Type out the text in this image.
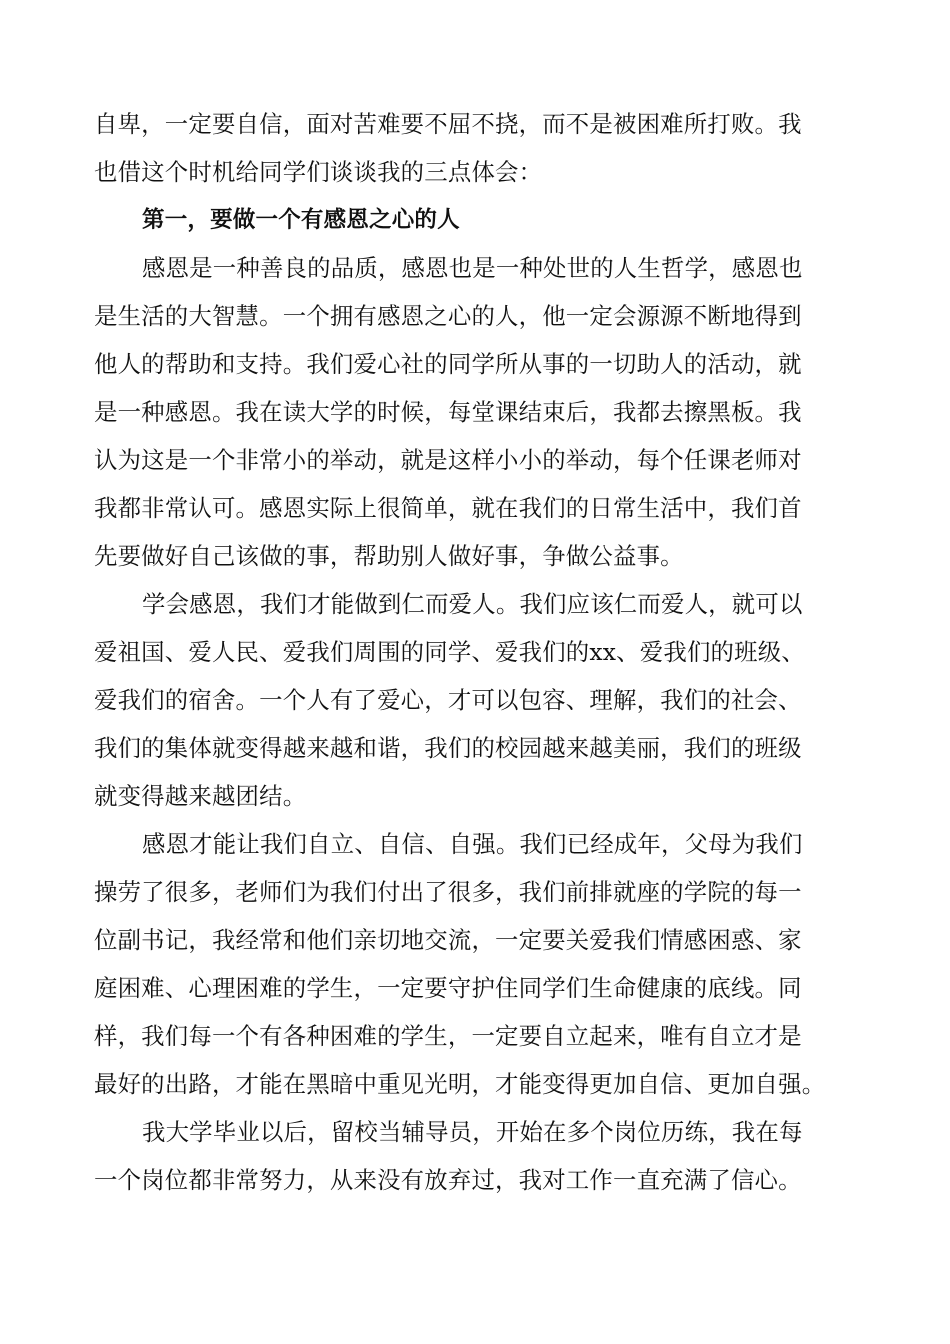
自卑，一定要自信，面对苦难要不屈不挠，而不是被困难所打败。我
也借这个时机给同学们谈谈我的三点体会：
第一，要做一个有感恩之心的人
感恩是一种善良的品质，感恩也是一种处世的人生哲学，感恩也
是生活的大智慧。一个拥有感恩之心的人，他一定会源源不断地得到
他人的帮助和支持。我们爱心社的同学所从事的一切助人的活动，就
是一种感恩。我在读大学的时候，每堂课结束后，我都去擦黑板。我
认为这是一个非常小的举动，就是这样小小的举动，每个任课老师对
我都非常认可。感恩实际上很简单，就在我们的日常生活中，我们首
先要做好自己该做的事，帮助别人做好事，争做公益事。
学会感恩，我们才能做到仁而爱人。我们应该仁而爱人，就可以
爱祖国、爱人民、爱我们周围的同学、爱我们的xx、爱我们的班级、
爱我们的宿舍。一个人有了爱心，才可以包容、理解，我们的社会、
我们的集体就变得越来越和谐，我们的校园越来越美丽，我们的班级
就变得越来越团结。
感恩才能让我们自立、自信、自强。我们已经成年，父母为我们
操劳了很多，老师们为我们付出了很多，我们前排就座的学院的每一
位副书记，我经常和他们亲切地交流，一定要关爱我们情感困惑、家
庭困难、心理困难的学生，一定要守护住同学们生命健康的底线。同
样，我们每一个有各种困难的学生，一定要自立起来，唯有自立才是
最好的出路，才能在黑暗中重见光明，才能变得更加自信、更加自强。
我大学毕业以后，留校当辅导员，开始在多个岗位历练，我在每
一个岗位都非常努力，从来没有放弃过，我对工作一直充满了信心。
